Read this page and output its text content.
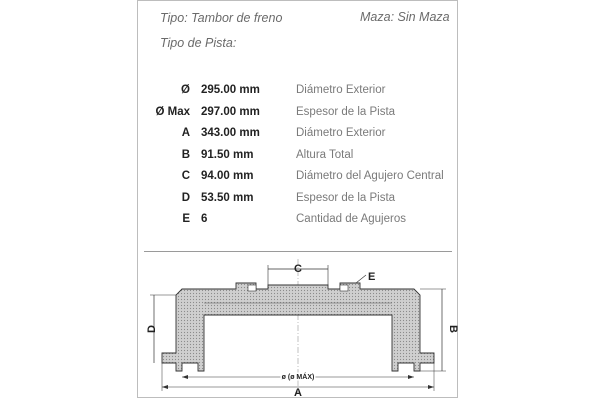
Tipo: Tambor de freno	Maza: Sin Maza
Tipo de Pista:
Ø 295.00 mm	Diámetro Exterior
Ø Max 297.00 mm	Espesor de la Pista
A 343.00 mm	Diámetro Exterior
B 91.50 mm	Altura Total
C 94.00 mm	Diámetro del Agujero Central
D 53.50 mm	Espesor de la Pista
E 6	Cantidad de Agujeros
C
E
D	B
ø (ø MÁX)
A
